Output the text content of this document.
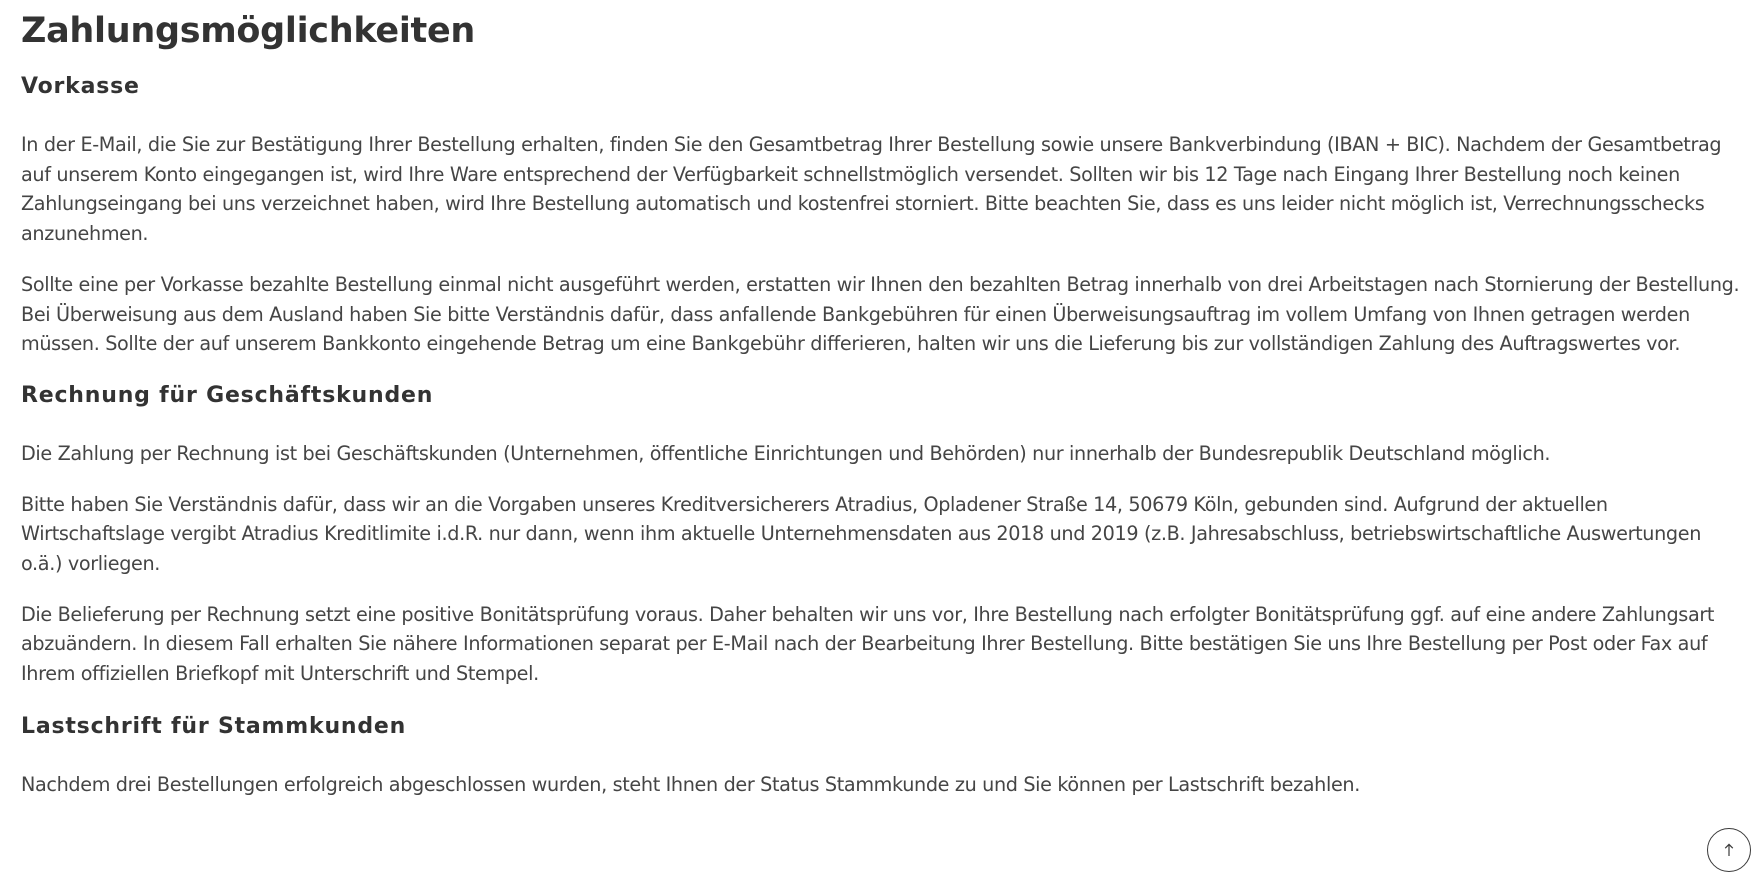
Zahlungsmöglichkeiten
Vorkasse

In der E-Mail, die Sie zur Bestätigung Ihrer Bestellung erhalten, finden Sie den Gesamtbetrag Ihrer Bestellung sowie unsere Bankverbindung (IBAN + BIC). Nachdem der Gesamtbetrag auf unserem Konto eingegangen ist, wird Ihre Ware entsprechend der Verfügbarkeit schnellstmöglich versendet. Sollten wir bis 12 Tage nach Eingang Ihrer Bestellung noch keinen Zahlungseingang bei uns verzeichnet haben, wird Ihre Bestellung automatisch und kostenfrei storniert. Bitte beachten Sie, dass es uns leider nicht möglich ist, Verrechnungsschecks anzunehmen.

Sollte eine per Vorkasse bezahlte Bestellung einmal nicht ausgeführt werden, erstatten wir Ihnen den bezahlten Betrag innerhalb von drei Arbeitstagen nach Stornierung der Bestellung. Bei Überweisung aus dem Ausland haben Sie bitte Verständnis dafür, dass anfallende Bankgebühren für einen Überweisungsauftrag im vollem Umfang von Ihnen getragen werden müssen. Sollte der auf unserem Bankkonto eingehende Betrag um eine Bankgebühr differieren, halten wir uns die Lieferung bis zur vollständigen Zahlung des Auftragswertes vor.

Rechnung für Geschäftskunden

Die Zahlung per Rechnung ist bei Geschäftskunden (Unternehmen, öffentliche Einrichtungen und Behörden) nur innerhalb der Bundesrepublik Deutschland möglich.

Bitte haben Sie Verständnis dafür, dass wir an die Vorgaben unseres Kreditversicherers Atradius, Opladener Straße 14, 50679 Köln, gebunden sind. Aufgrund der aktuellen Wirtschaftslage vergibt Atradius Kreditlimite i.d.R. nur dann, wenn ihm aktuelle Unternehmensdaten aus 2018 und 2019 (z.B. Jahresabschluss, betriebswirtschaftliche Auswertungen o.ä.) vorliegen.

Die Belieferung per Rechnung setzt eine positive Bonitätsprüfung voraus. Daher behalten wir uns vor, Ihre Bestellung nach erfolgter Bonitätsprüfung ggf. auf eine andere Zahlungsart abzuändern. In diesem Fall erhalten Sie nähere Informationen separat per E-Mail nach der Bearbeitung Ihrer Bestellung. Bitte bestätigen Sie uns Ihre Bestellung per Post oder Fax auf Ihrem offiziellen Briefkopf mit Unterschrift und Stempel.

Lastschrift für Stammkunden

Nachdem drei Bestellungen erfolgreich abgeschlossen wurden, steht Ihnen der Status Stammkunde zu und Sie können per Lastschrift bezahlen.
